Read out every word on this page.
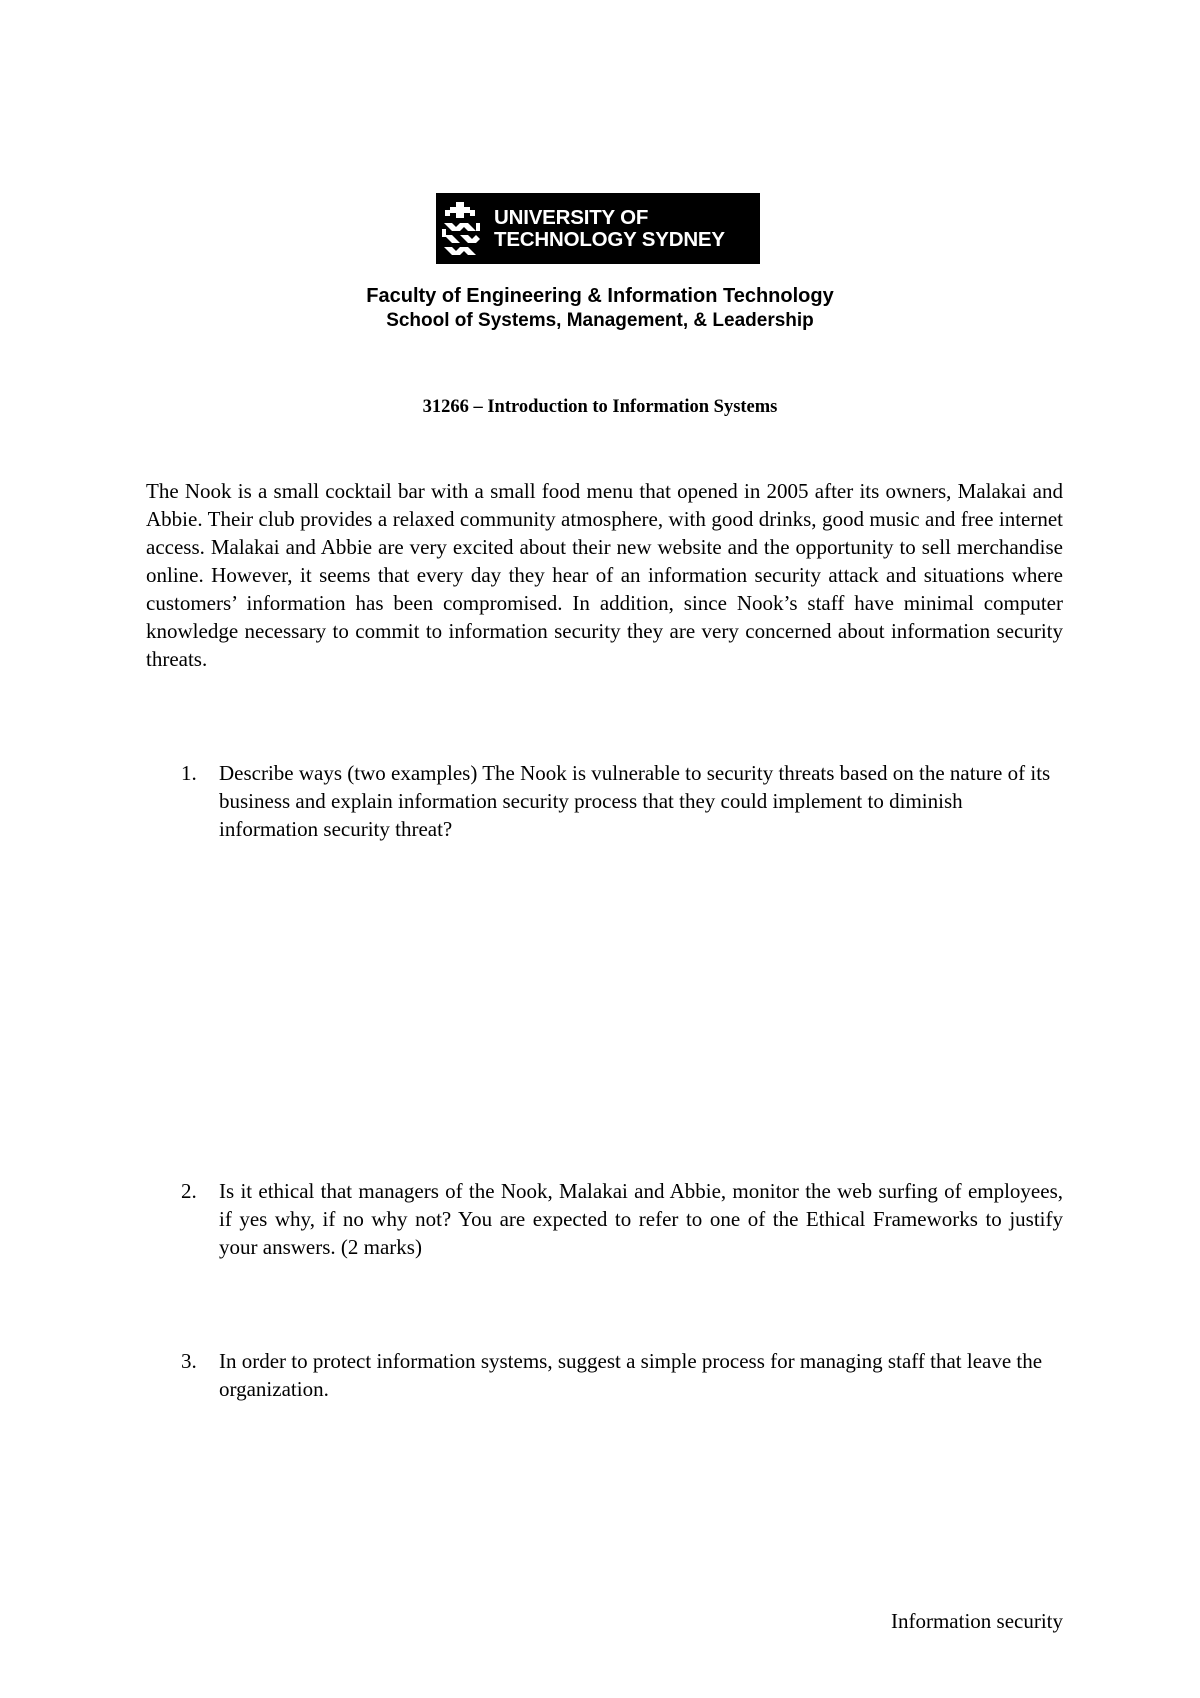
UNIVERSITY OF
TECHNOLOGY SYDNEY
Faculty of Engineering & Information Technology
School of Systems, Management, & Leadership
31266 – Introduction to Information Systems

The Nook is a small cocktail bar with a small food menu that opened in 2005 after its owners, Malakai and Abbie. Their club provides a relaxed community atmosphere, with good drinks, good music and free internet access. Malakai and Abbie are very excited about their new website and the opportunity to sell merchandise online. However, it seems that every day they hear of an information security attack and situations where customers’ information has been compromised. In addition, since Nook’s staff have minimal computer knowledge necessary to commit to information security they are very concerned about information security threats.

1.	Describe ways (two examples) The Nook is vulnerable to security threats based on the nature of its business and explain information security process that they could implement to diminish information security threat?

2.	Is it ethical that managers of the Nook, Malakai and Abbie, monitor the web surfing of employees, if yes why, if no why not? You are expected to refer to one of the Ethical Frameworks to justify your answers. (2 marks)

3.	In order to protect information systems, suggest a simple process for managing staff that leave the organization.

Information security
